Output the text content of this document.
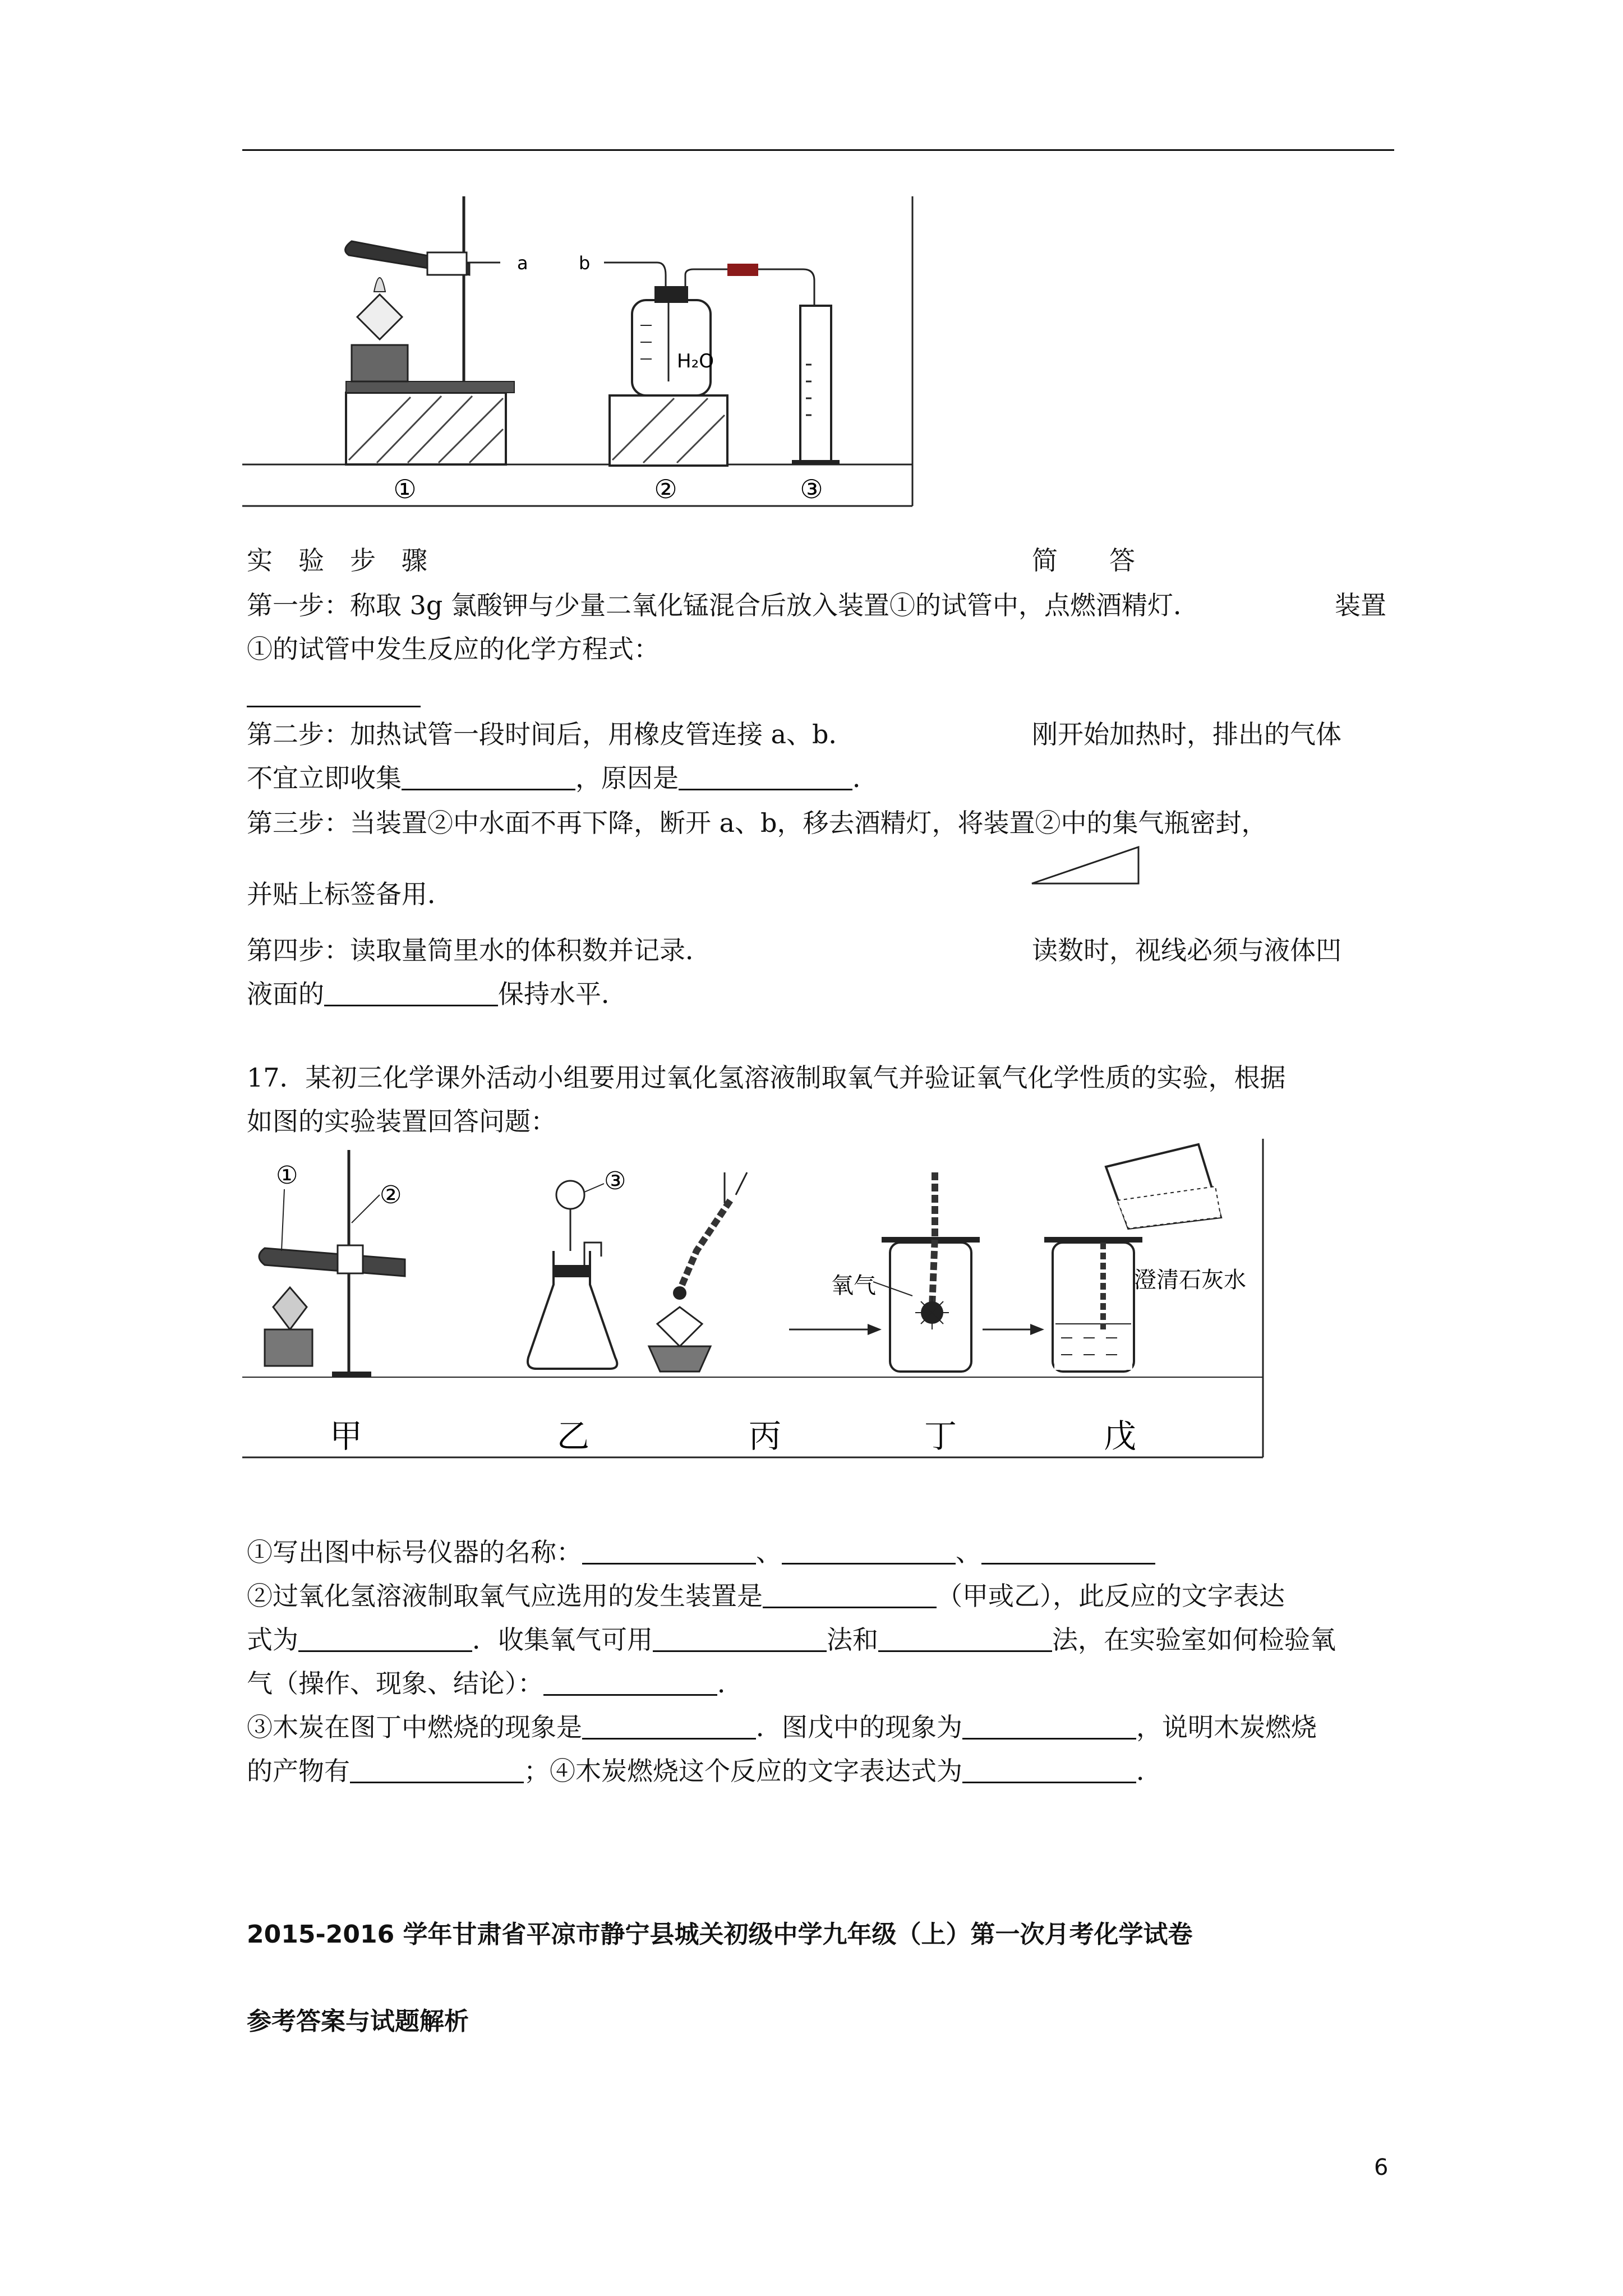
a	b
H₂O
①	②	③
实　验　步　骤	简　　答
第一步：称取 3g 氯酸钾与少量二氧化锰混合后放入装置①的试管中，点燃酒精灯．	装置
①的试管中发生反应的化学方程式：
第二步：加热试管一段时间后，用橡皮管连接 a、b．	刚开始加热时，排出的气体
不宜立即收集	，原因是	．
第三步：当装置②中水面不再下降，断开 a、b，移去酒精灯，将装置②中的集气瓶密封，
并贴上标签备用．
第四步：读取量筒里水的体积数并记录．	读数时，视线必须与液体凹
液面的	保持水平．
17．某初三化学课外活动小组要用过氧化氢溶液制取氧气并验证氧气化学性质的实验，根据
如图的实验装置回答问题：
①
②	③
氧气	澄清石灰水
甲	乙	丙	丁	戊
①写出图中标号仪器的名称：	、	、
②过氧化氢溶液制取氧气应选用的发生装置是	（甲或乙），此反应的文字表达
式为	．收集氧气可用	法和	法，在实验室如何检验氧
气（操作、现象、结论）：	．
③木炭在图丁中燃烧的现象是	．图戊中的现象为	，说明木炭燃烧
的产物有	；④木炭燃烧这个反应的文字表达式为	．
2015-2016 学年甘肃省平凉市静宁县城关初级中学九年级（上）第一次月考化学试卷
参考答案与试题解析
6
